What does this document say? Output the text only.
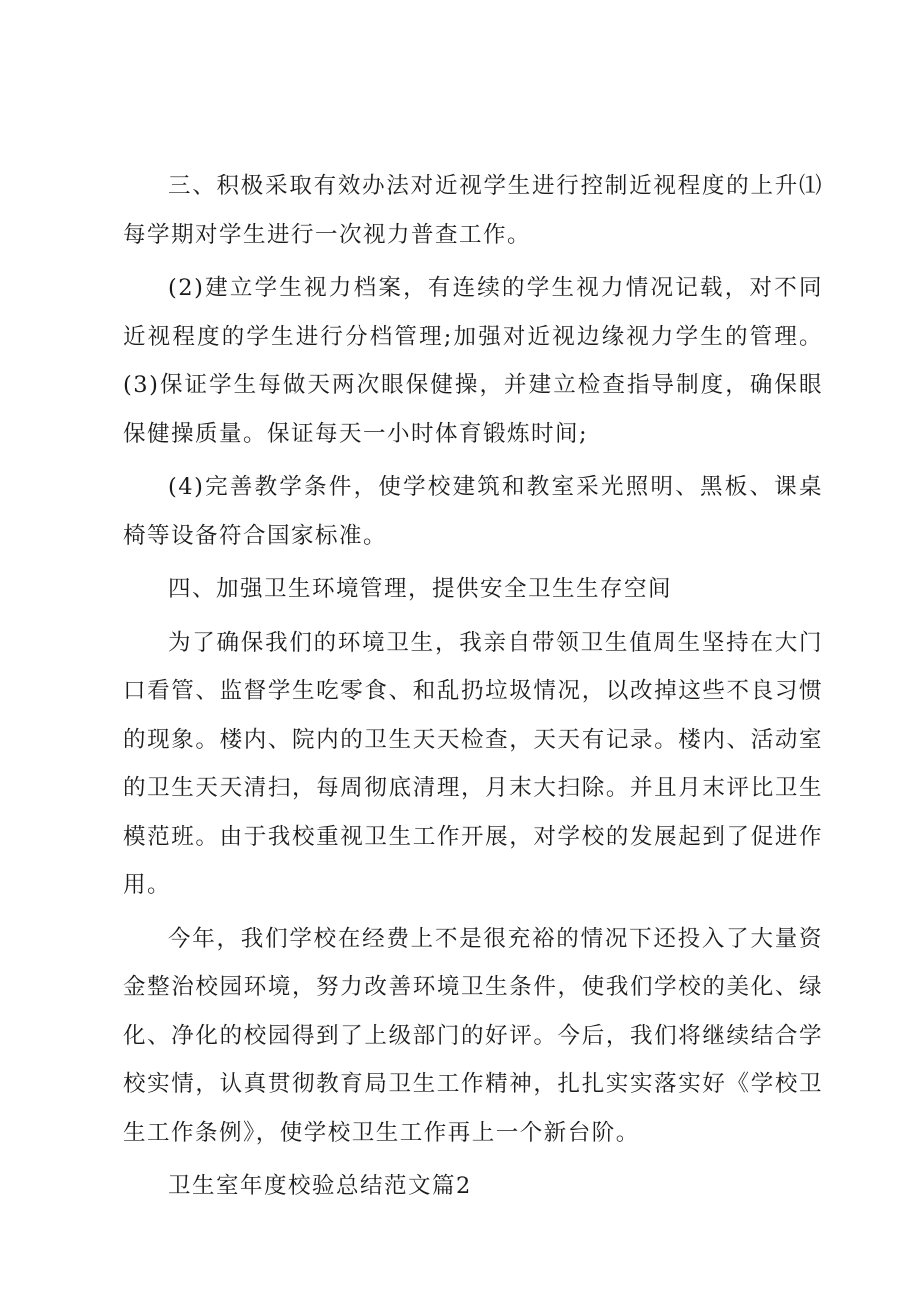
三、积极采取有效办法对近视学生进行控制近视程度的上升⑴每学期对学生进行一次视力普查工作。

(2)建立学生视力档案，有连续的学生视力情况记载，对不同近视程度的学生进行分档管理;加强对近视边缘视力学生的管理。(3)保证学生每做天两次眼保健操，并建立检查指导制度，确保眼保健操质量。保证每天一小时体育锻炼时间;

(4)完善教学条件，使学校建筑和教室采光照明、黑板、课桌椅等设备符合国家标准。

四、加强卫生环境管理，提供安全卫生生存空间

为了确保我们的环境卫生，我亲自带领卫生值周生坚持在大门口看管、监督学生吃零食、和乱扔垃圾情况，以改掉这些不良习惯的现象。楼内、院内的卫生天天检查，天天有记录。楼内、活动室的卫生天天清扫，每周彻底清理，月末大扫除。并且月末评比卫生模范班。由于我校重视卫生工作开展，对学校的发展起到了促进作用。

今年，我们学校在经费上不是很充裕的情况下还投入了大量资金整治校园环境，努力改善环境卫生条件，使我们学校的美化、绿化、净化的校园得到了上级部门的好评。今后，我们将继续结合学校实情，认真贯彻教育局卫生工作精神，扎扎实实落实好《学校卫生工作条例》，使学校卫生工作再上一个新台阶。

卫生室年度校验总结范文篇2
